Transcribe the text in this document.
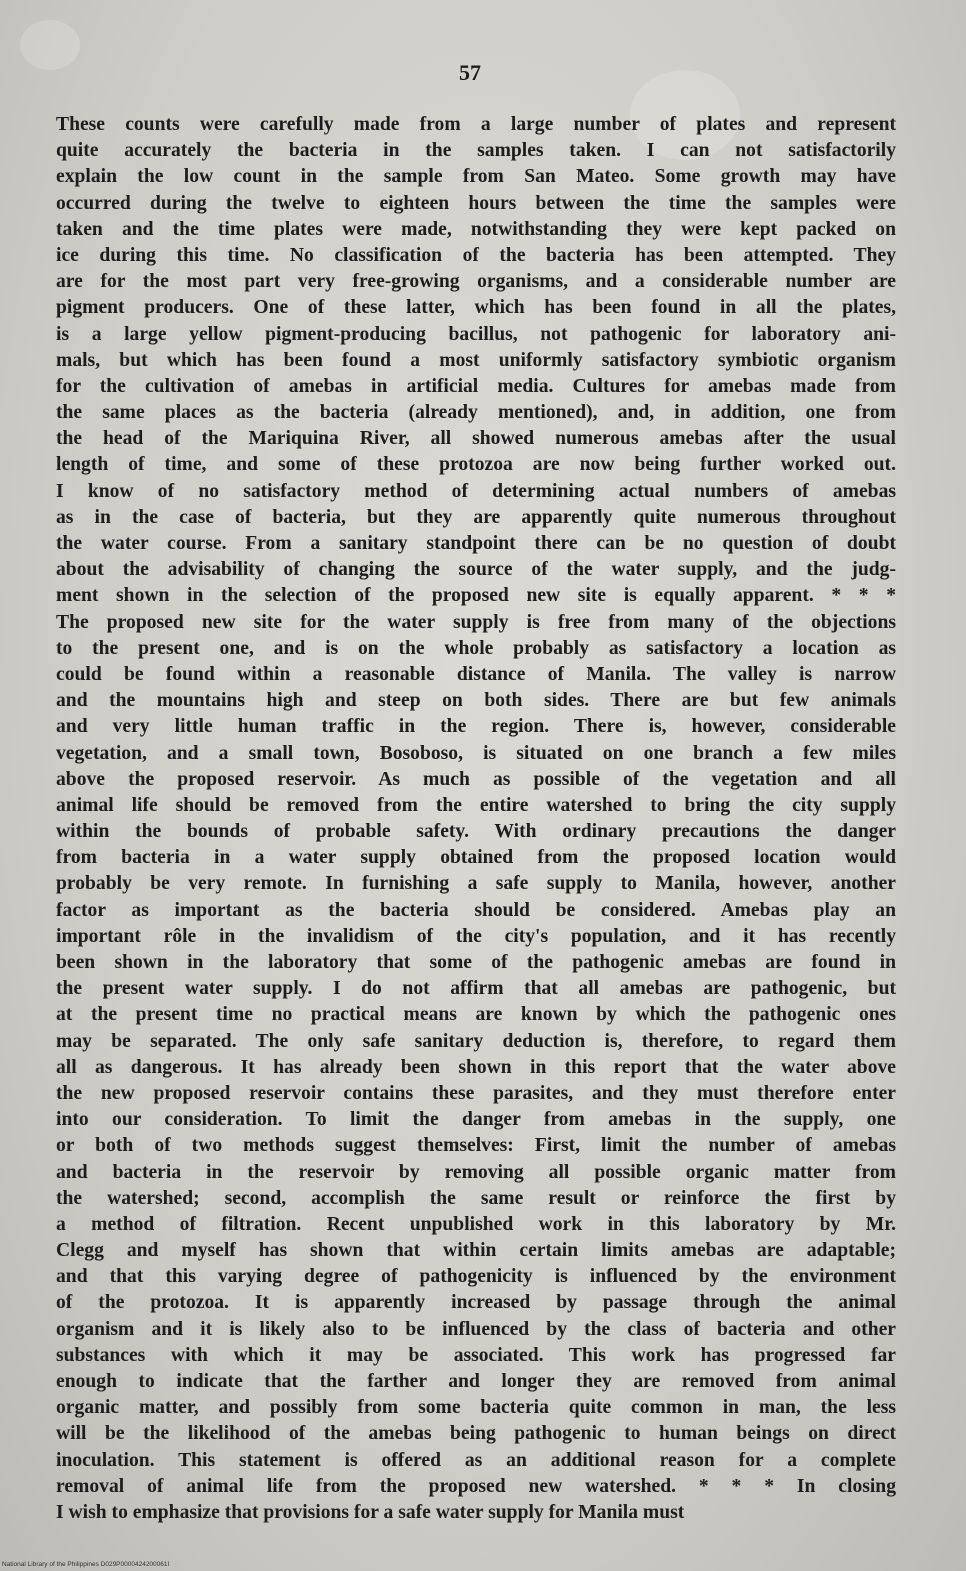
57
These counts were carefully made from a large number of plates and represent
quite accurately the bacteria in the samples taken. I can not satisfactorily
explain the low count in the sample from San Mateo. Some growth may have
occurred during the twelve to eighteen hours between the time the samples were
taken and the time plates were made, notwithstanding they were kept packed on
ice during this time. No classification of the bacteria has been attempted. They
are for the most part very free-growing organisms, and a considerable number are
pigment producers. One of these latter, which has been found in all the plates,
is a large yellow pigment-producing bacillus, not pathogenic for laboratory ani-
mals, but which has been found a most uniformly satisfactory symbiotic organism
for the cultivation of amebas in artificial media. Cultures for amebas made from
the same places as the bacteria (already mentioned), and, in addition, one from
the head of the Mariquina River, all showed numerous amebas after the usual
length of time, and some of these protozoa are now being further worked out.
I know of no satisfactory method of determining actual numbers of amebas
as in the case of bacteria, but they are apparently quite numerous throughout
the water course. From a sanitary standpoint there can be no question of doubt
about the advisability of changing the source of the water supply, and the judg-
ment shown in the selection of the proposed new site is equally apparent. * * *
The proposed new site for the water supply is free from many of the objections
to the present one, and is on the whole probably as satisfactory a location as
could be found within a reasonable distance of Manila. The valley is narrow
and the mountains high and steep on both sides. There are but few animals
and very little human traffic in the region. There is, however, considerable
vegetation, and a small town, Bosoboso, is situated on one branch a few miles
above the proposed reservoir. As much as possible of the vegetation and all
animal life should be removed from the entire watershed to bring the city supply
within the bounds of probable safety. With ordinary precautions the danger
from bacteria in a water supply obtained from the proposed location would
probably be very remote. In furnishing a safe supply to Manila, however, another
factor as important as the bacteria should be considered. Amebas play an
important rôle in the invalidism of the city's population, and it has recently
been shown in the laboratory that some of the pathogenic amebas are found in
the present water supply. I do not affirm that all amebas are pathogenic, but
at the present time no practical means are known by which the pathogenic ones
may be separated. The only safe sanitary deduction is, therefore, to regard them
all as dangerous. It has already been shown in this report that the water above
the new proposed reservoir contains these parasites, and they must therefore enter
into our consideration. To limit the danger from amebas in the supply, one
or both of two methods suggest themselves: First, limit the number of amebas
and bacteria in the reservoir by removing all possible organic matter from
the watershed; second, accomplish the same result or reinforce the first by
a method of filtration. Recent unpublished work in this laboratory by Mr.
Clegg and myself has shown that within certain limits amebas are adaptable;
and that this varying degree of pathogenicity is influenced by the environment
of the protozoa. It is apparently increased by passage through the animal
organism and it is likely also to be influenced by the class of bacteria and other
substances with which it may be associated. This work has progressed far
enough to indicate that the farther and longer they are removed from animal
organic matter, and possibly from some bacteria quite common in man, the less
will be the likelihood of the amebas being pathogenic to human beings on direct
inoculation. This statement is offered as an additional reason for a complete
removal of animal life from the proposed new watershed. * * * In closing
I wish to emphasize that provisions for a safe water supply for Manila must
National Library of the Philippines D029P0000424200061I
